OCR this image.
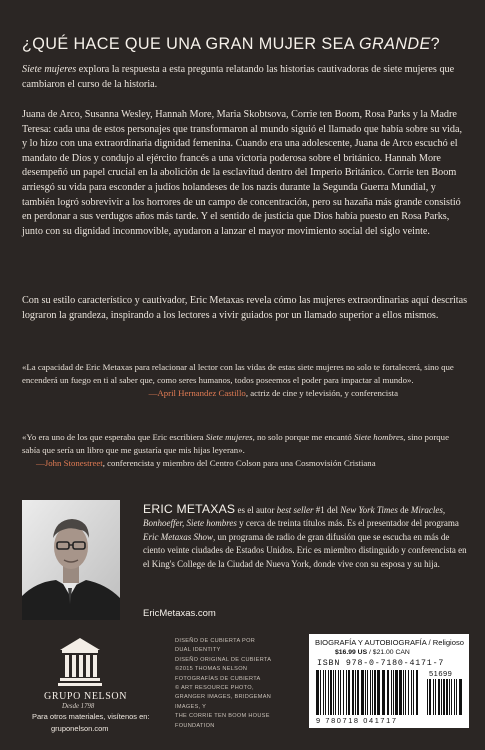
¿QUÉ HACE QUE UNA GRAN MUJER SEA GRANDE?

Siete mujeres explora la respuesta a esta pregunta relatando las historias cautivadoras de siete mujeres que cambiaron el curso de la historia.

Juana de Arco, Susanna Wesley, Hannah More, Maria Skobtsova, Corrie ten Boom, Rosa Parks y la Madre Teresa: cada una de estos personajes que transformaron al mundo siguió el llamado que había sobre su vida, y lo hizo con una extraordinaria dignidad femenina. Cuando era una adolescente, Juana de Arco escuchó el mandato de Dios y condujo al ejército francés a una victoria poderosa sobre el británico. Hannah More desempeñó un papel crucial en la abolición de la esclavitud dentro del Imperio Británico. Corrie ten Boom arriesgó su vida para esconder a judíos holandeses de los nazis durante la Segunda Guerra Mundial, y también logró sobrevivir a los horrores de un campo de concentración, pero su hazaña más grande consistió en perdonar a sus verdugos años más tarde. Y el sentido de justicia que Dios había puesto en Rosa Parks, junto con su dignidad inconmovible, ayudaron a lanzar el mayor movimiento social del siglo veinte.

Con su estilo característico y cautivador, Eric Metaxas revela cómo las mujeres extraordinarias aquí descritas lograron la grandeza, inspirando a los lectores a vivir guiados por un llamado superior a ellos mismos.

«La capacidad de Eric Metaxas para relacionar al lector con las vidas de estas siete mujeres no solo te fortalecerá, sino que encenderá un fuego en ti al saber que, como seres humanos, todos poseemos el poder para impactar al mundo».

—April Hernandez Castillo, actriz de cine y televisión, y conferencista

«Yo era uno de los que esperaba que Eric escribiera Siete mujeres, no solo porque me encantó Siete hombres, sino porque sabía que sería un libro que me gustaría que mis hijas leyeran».

—John Stonestreet, conferencista y miembro del Centro Colson para una Cosmovisión Cristiana

ERIC METAXAS es el autor best seller #1 del New York Times de Miracles, Bonhoeffer, Siete hombres y cerca de treinta títulos más. Es el presentador del programa Eric Metaxas Show, un programa de radio de gran difusión que se escucha en más de ciento veinte ciudades de Estados Unidos. Eric es miembro distinguido y conferencista en el King's College de la Ciudad de Nueva York, donde vive con su esposa y su hija.

EricMetaxas.com
GRUPO NELSON
Desde 1798
Para otros materiales, visítenos en:
gruponelson.com
DISEÑO DE CUBIERTA POR
DUAL IDENTITY
DISEÑO ORIGINAL DE CUBIERTA
©2015 THOMAS NELSON
FOTOGRAFÍAS DE CUBIERTA
© ART RESOURCE PHOTO,
GRANGER IMAGES, BRIDGEMAN IMAGES, Y
THE CORRIE TEN BOOM HOUSE FOUNDATION
BIOGRAFÍA Y AUTOBIOGRAFÍA / Religioso
$16.99 US / $21.00 CAN
ISBN 978-0-7180-4171-7
51699
9 780718 041717
